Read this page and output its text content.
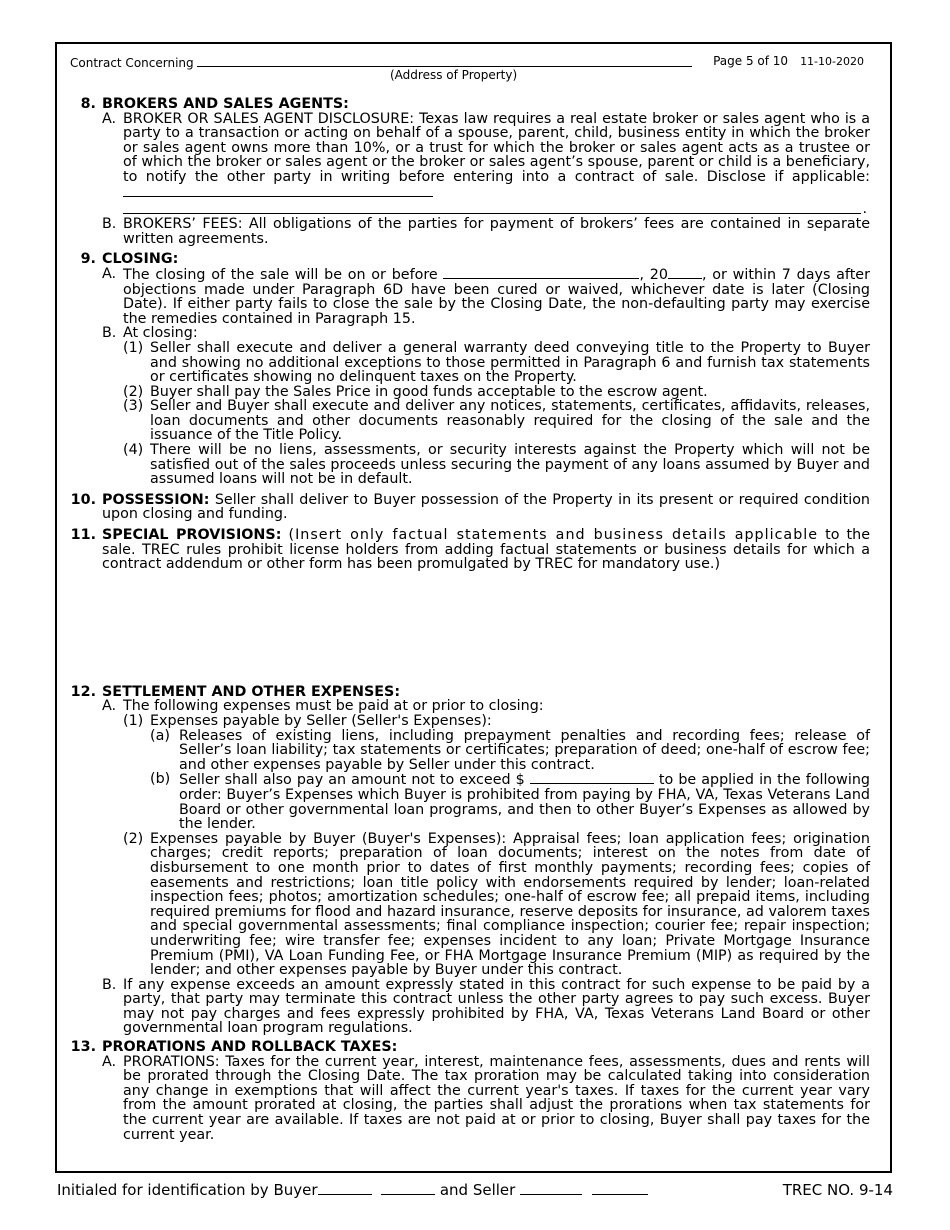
Contract Concerning	Page 5 of 10 11-10-2020
(Address of Property)
8. BROKERS AND SALES AGENTS:
A. BROKER OR SALES AGENT DISCLOSURE: Texas law requires a real estate broker or sales agent who is a party to a transaction or acting on behalf of a spouse, parent, child, business entity in which the broker or sales agent owns more than 10%, or a trust for which the broker or sales agent acts as a trustee or of which the broker or sales agent or the broker or sales agent’s spouse, parent or child is a beneficiary, to notify the other party in writing before entering into a contract of sale. Disclose if applicable:
.
B. BROKERS’ FEES: All obligations of the parties for payment of brokers’ fees are contained in separate written agreements.
9. CLOSING:
A. The closing of the sale will be on or before	, 20 , or within 7 days after objections made under Paragraph 6D have been cured or waived, whichever date is later (Closing Date). If either party fails to close the sale by the Closing Date, the non-defaulting party may exercise the remedies contained in Paragraph 15.
B. At closing:
(1) Seller shall execute and deliver a general warranty deed conveying title to the Property to Buyer and showing no additional exceptions to those permitted in Paragraph 6 and furnish tax statements or certificates showing no delinquent taxes on the Property.
(2) Buyer shall pay the Sales Price in good funds acceptable to the escrow agent.
(3) Seller and Buyer shall execute and deliver any notices, statements, certificates, affidavits, releases, loan documents and other documents reasonably required for the closing of the sale and the issuance of the Title Policy.
(4) There will be no liens, assessments, or security interests against the Property which will not be satisfied out of the sales proceeds unless securing the payment of any loans assumed by Buyer and assumed loans will not be in default.
10. POSSESSION: Seller shall deliver to Buyer possession of the Property in its present or required condition upon closing and funding.
11. SPECIAL PROVISIONS: (Insert only factual statements and business details applicable to the sale. TREC rules prohibit license holders from adding factual statements or business details for which a contract addendum or other form has been promulgated by TREC for mandatory use.)
12. SETTLEMENT AND OTHER EXPENSES:
A. The following expenses must be paid at or prior to closing:
(1) Expenses payable by Seller (Seller's Expenses):
(a) Releases of existing liens, including prepayment penalties and recording fees; release of Seller’s loan liability; tax statements or certificates; preparation of deed; one-half of escrow fee; and other expenses payable by Seller under this contract.
(b) Seller shall also pay an amount not to exceed $	to be applied in the following order: Buyer’s Expenses which Buyer is prohibited from paying by FHA, VA, Texas Veterans Land Board or other governmental loan programs, and then to other Buyer’s Expenses as allowed by the lender.
(2) Expenses payable by Buyer (Buyer's Expenses): Appraisal fees; loan application fees; origination charges; credit reports; preparation of loan documents; interest on the notes from date of disbursement to one month prior to dates of first monthly payments; recording fees; copies of easements and restrictions; loan title policy with endorsements required by lender; loan-related inspection fees; photos; amortization schedules; one-half of escrow fee; all prepaid items, including required premiums for flood and hazard insurance, reserve deposits for insurance, ad valorem taxes and special governmental assessments; final compliance inspection; courier fee; repair inspection; underwriting fee; wire transfer fee; expenses incident to any loan; Private Mortgage Insurance Premium (PMI), VA Loan Funding Fee, or FHA Mortgage Insurance Premium (MIP) as required by the lender; and other expenses payable by Buyer under this contract.
B. If any expense exceeds an amount expressly stated in this contract for such expense to be paid by a party, that party may terminate this contract unless the other party agrees to pay such excess. Buyer may not pay charges and fees expressly prohibited by FHA, VA, Texas Veterans Land Board or other governmental loan program regulations.
13. PRORATIONS AND ROLLBACK TAXES:
A. PRORATIONS: Taxes for the current year, interest, maintenance fees, assessments, dues and rents will be prorated through the Closing Date. The tax proration may be calculated taking into consideration any change in exemptions that will affect the current year's taxes. If taxes for the current year vary from the amount prorated at closing, the parties shall adjust the prorations when tax statements for the current year are available. If taxes are not paid at or prior to closing, Buyer shall pay taxes for the current year.
Initialed for identification by Buyer	and Seller	TREC NO. 9-14
